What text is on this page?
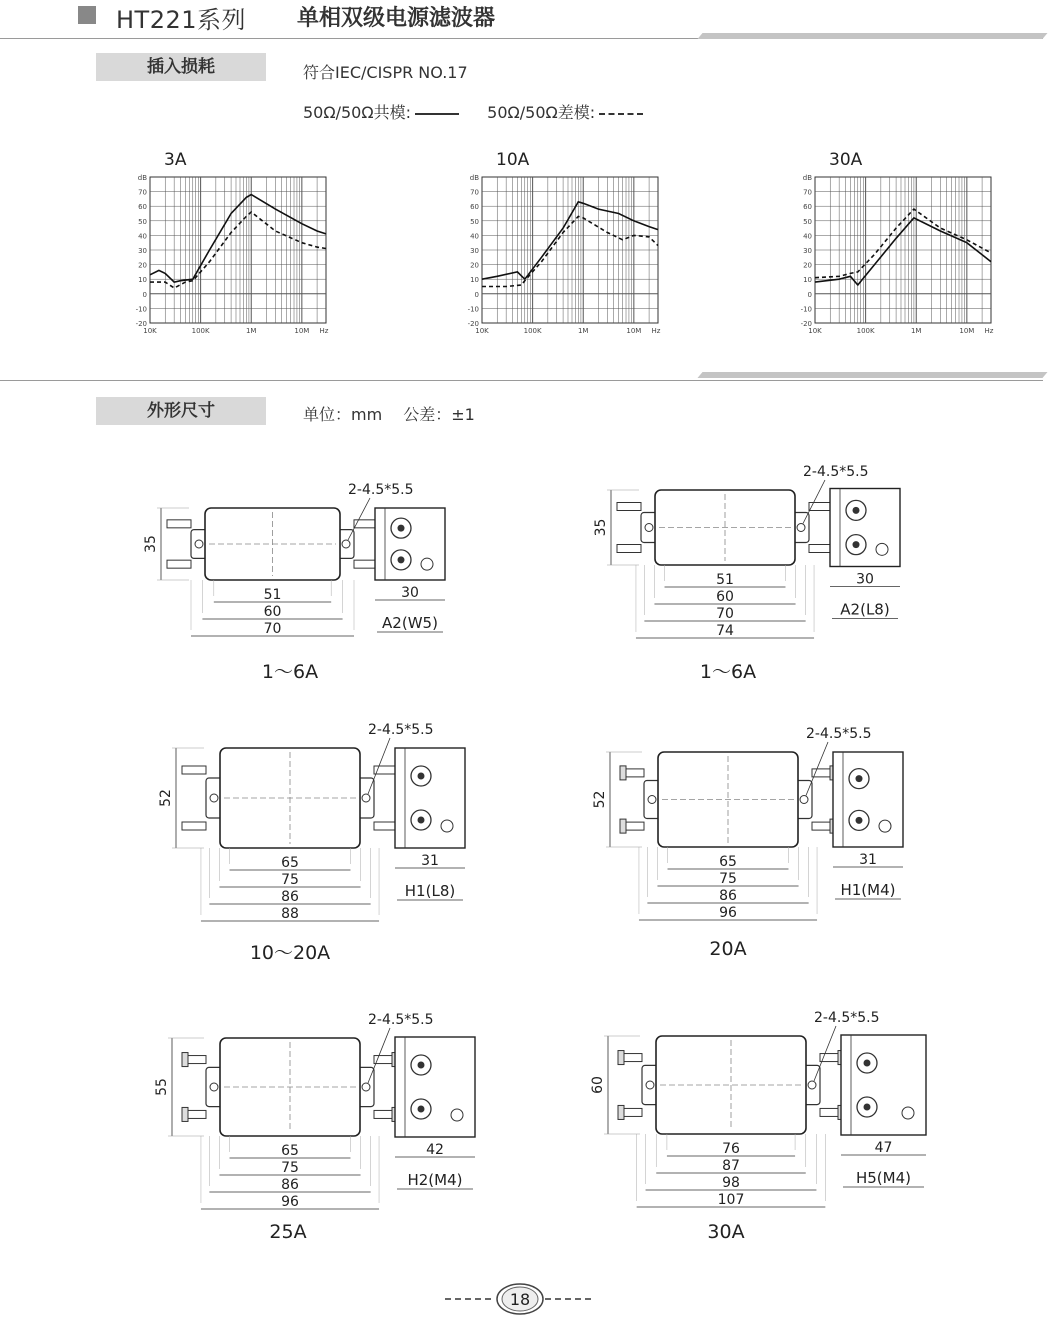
HT221系列 单相双级电源滤波器
插入损耗	符合IEC/CISPR NO.17
50Ω/50Ω共模:	50Ω/50Ω差模:
3A
dB
70
60
50
40
30
20
10
0
-10
-20
10K	100K	1M	10M Hz
10A
dB
70
60
50
40
30
20
10
0
-10
-20
10K	100K	1M	10M Hz
30A
dB
70
60
50
40
30
20
10
0
-10
-20
10K	100K	1M	10M Hz
外形尺寸	单位：mm　 公差：±1
35
2-4.5*5.5
51
60
70
30
A2(W5)
35
2-4.5*5.5
51
60
70
74
30
A2(L8)
52
2-4.5*5.5
65
75
86
88
31
H1(L8)
52
2-4.5*5.5
65
75
86
96
31
H1(M4)
55
2-4.5*5.5
65
75
86
96
42
H2(M4)
60
2-4.5*5.5
76
87
98
107
47
H5(M4)
1～6A	1～6A
10～20A	20A
25A	30A
18
